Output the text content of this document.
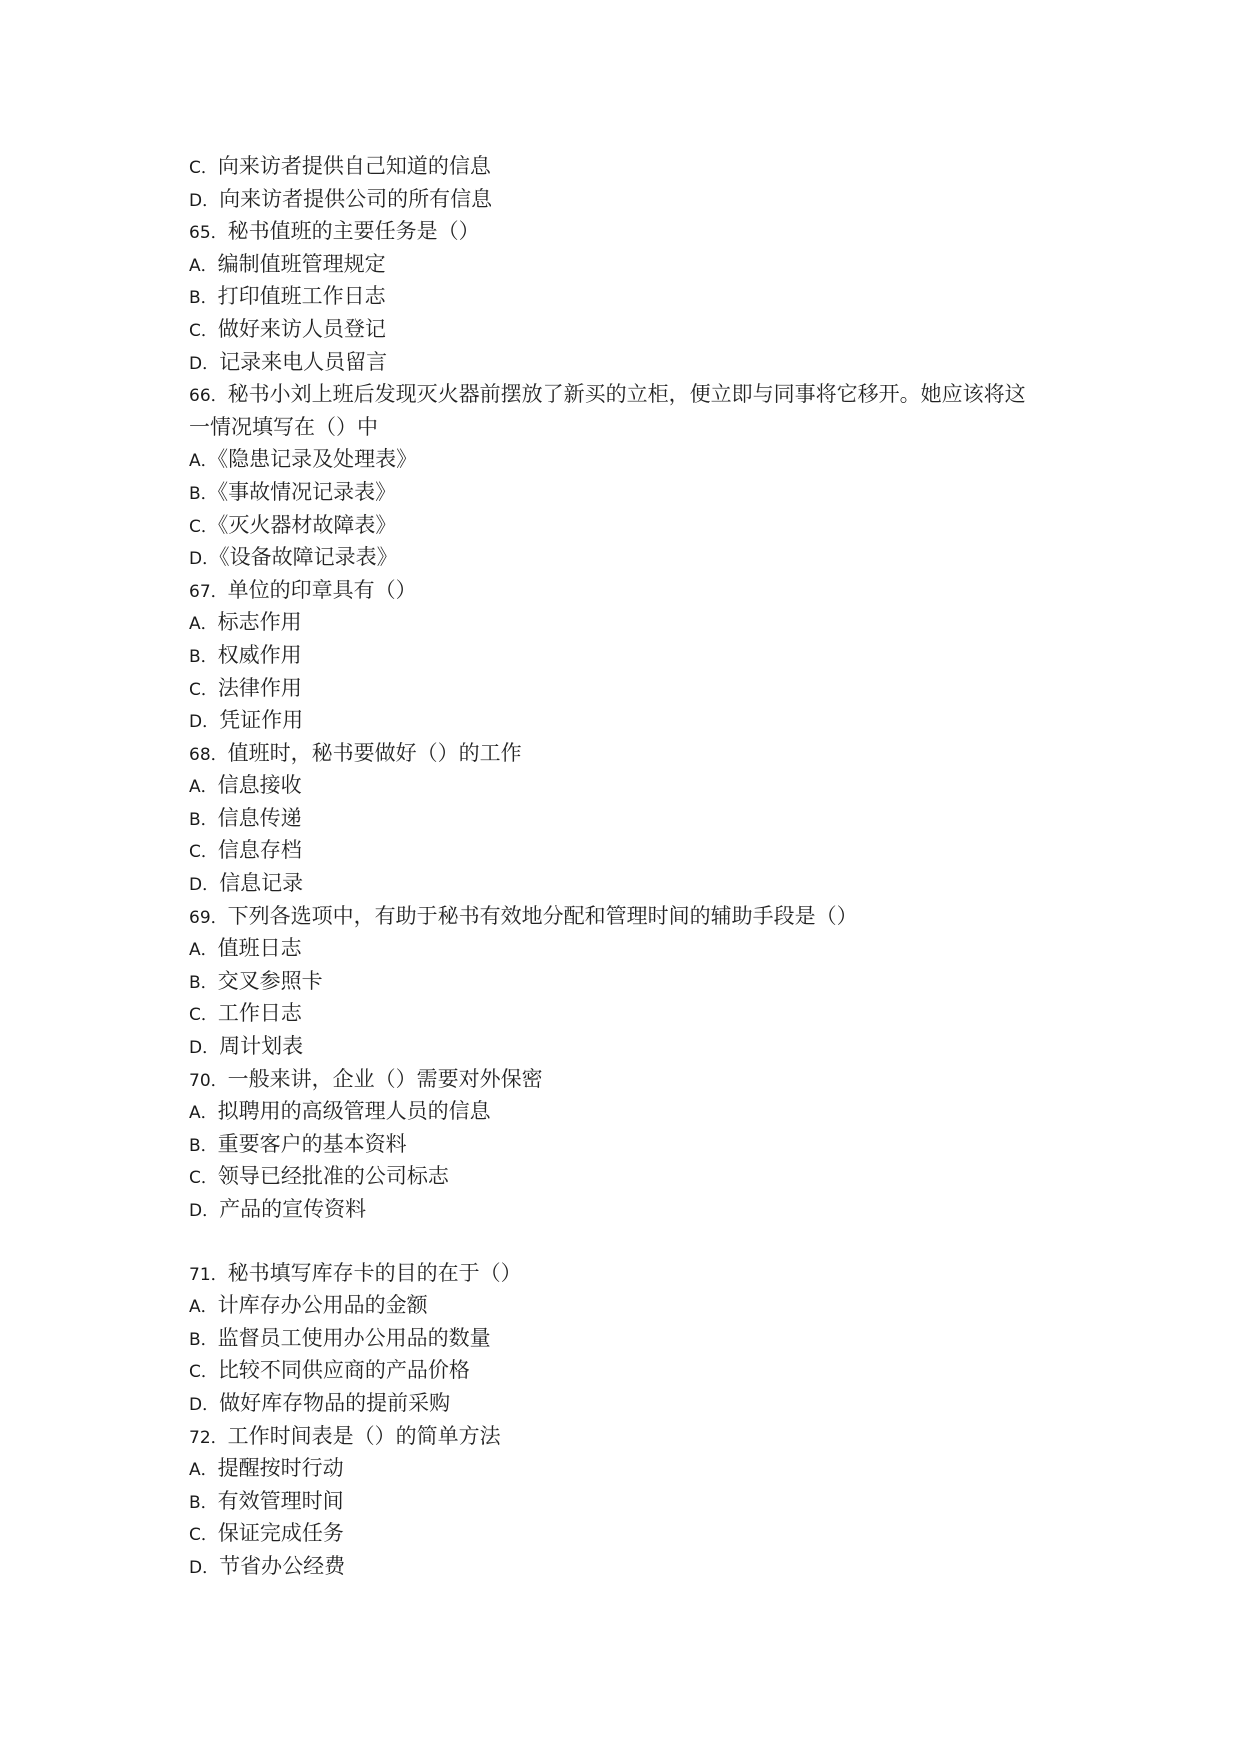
C．向来访者提供自己知道的信息
D．向来访者提供公司的所有信息
65．秘书值班的主要任务是（）
A．编制值班管理规定
B．打印值班工作日志
C．做好来访人员登记
D．记录来电人员留言
66．秘书小刘上班后发现灭火器前摆放了新买的立柜，便立即与同事将它移开。她应该将这
一情况填写在（）中
A．《隐患记录及处理表》
B．《事故情况记录表》
C．《灭火器材故障表》
D．《设备故障记录表》
67．单位的印章具有（）
A．标志作用
B．权威作用
C．法律作用
D．凭证作用
68．值班时，秘书要做好（）的工作
A．信息接收
B．信息传递
C．信息存档
D．信息记录
69．下列各选项中，有助于秘书有效地分配和管理时间的辅助手段是（）
A．值班日志
B．交叉参照卡
C．工作日志
D．周计划表
70．一般来讲，企业（）需要对外保密
A．拟聘用的高级管理人员的信息
B．重要客户的基本资料
C．领导已经批准的公司标志
D．产品的宣传资料
71．秘书填写库存卡的目的在于（）
A．计库存办公用品的金额
B．监督员工使用办公用品的数量
C．比较不同供应商的产品价格
D．做好库存物品的提前采购
72．工作时间表是（）的简单方法
A．提醒按时行动
B．有效管理时间
C．保证完成任务
D．节省办公经费
